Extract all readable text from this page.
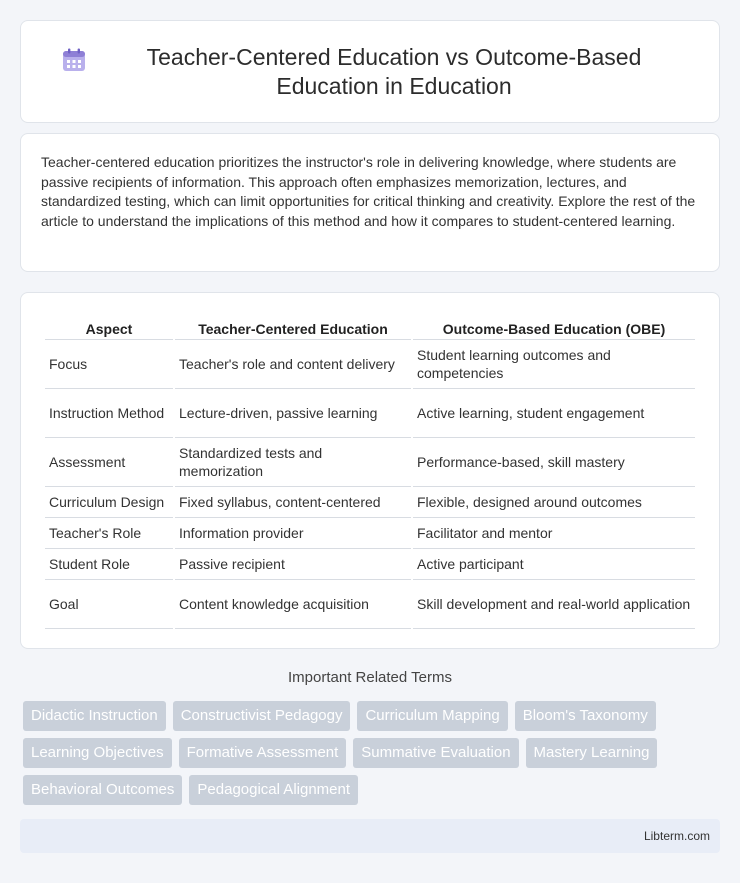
Teacher-Centered Education vs Outcome-Based Education in Education

Teacher-centered education prioritizes the instructor's role in delivering knowledge, where students are passive recipients of information. This approach often emphasizes memorization, lectures, and standardized testing, which can limit opportunities for critical thinking and creativity. Explore the rest of the article to understand the implications of this method and how it compares to student-centered learning.

Aspect	Teacher-Centered Education	Outcome-Based Education (OBE)
Focus	Teacher's role and content delivery	Student learning outcomes and competencies
Instruction Method	Lecture-driven, passive learning	Active learning, student engagement
Assessment	Standardized tests and memorization	Performance-based, skill mastery
Curriculum Design	Fixed syllabus, content-centered	Flexible, designed around outcomes
Teacher's Role	Information provider	Facilitator and mentor
Student Role	Passive recipient	Active participant
Goal	Content knowledge acquisition	Skill development and real-world application
Important Related Terms
Didactic Instruction	Constructivist Pedagogy	Curriculum Mapping	Bloom's Taxonomy
Learning Objectives	Formative Assessment	Summative Evaluation	Mastery Learning
Behavioral Outcomes	Pedagogical Alignment
Libterm.com
